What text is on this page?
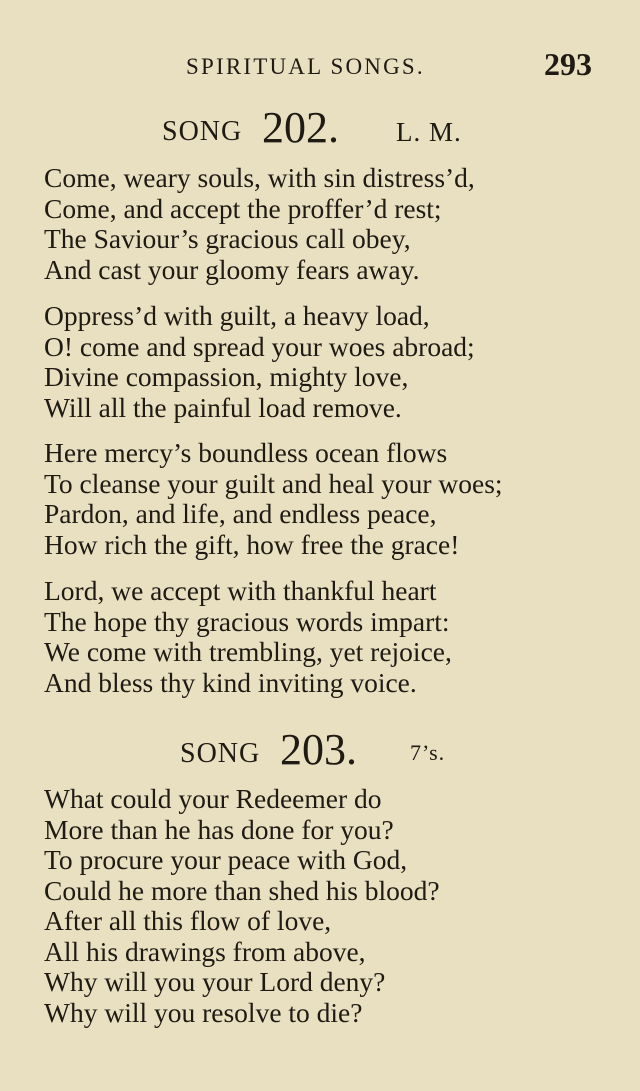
SPIRITUAL SONGS.	293
SONG 202. L. M.
Come, weary souls, with sin distress’d,
Come, and accept the proffer’d rest;
The Saviour’s gracious call obey,
And cast your gloomy fears away.
Oppress’d with guilt, a heavy load,
O! come and spread your woes abroad;
Divine compassion, mighty love,
Will all the painful load remove.
Here mercy’s boundless ocean flows
To cleanse your guilt and heal your woes;
Pardon, and life, and endless peace,
How rich the gift, how free the grace!
Lord, we accept with thankful heart
The hope thy gracious words impart:
We come with trembling, yet rejoice,
And bless thy kind inviting voice.
SONG 203. 7’s.
What could your Redeemer do
More than he has done for you?
To procure your peace with God,
Could he more than shed his blood?
After all this flow of love,
All his drawings from above,
Why will you your Lord deny?
Why will you resolve to die?
